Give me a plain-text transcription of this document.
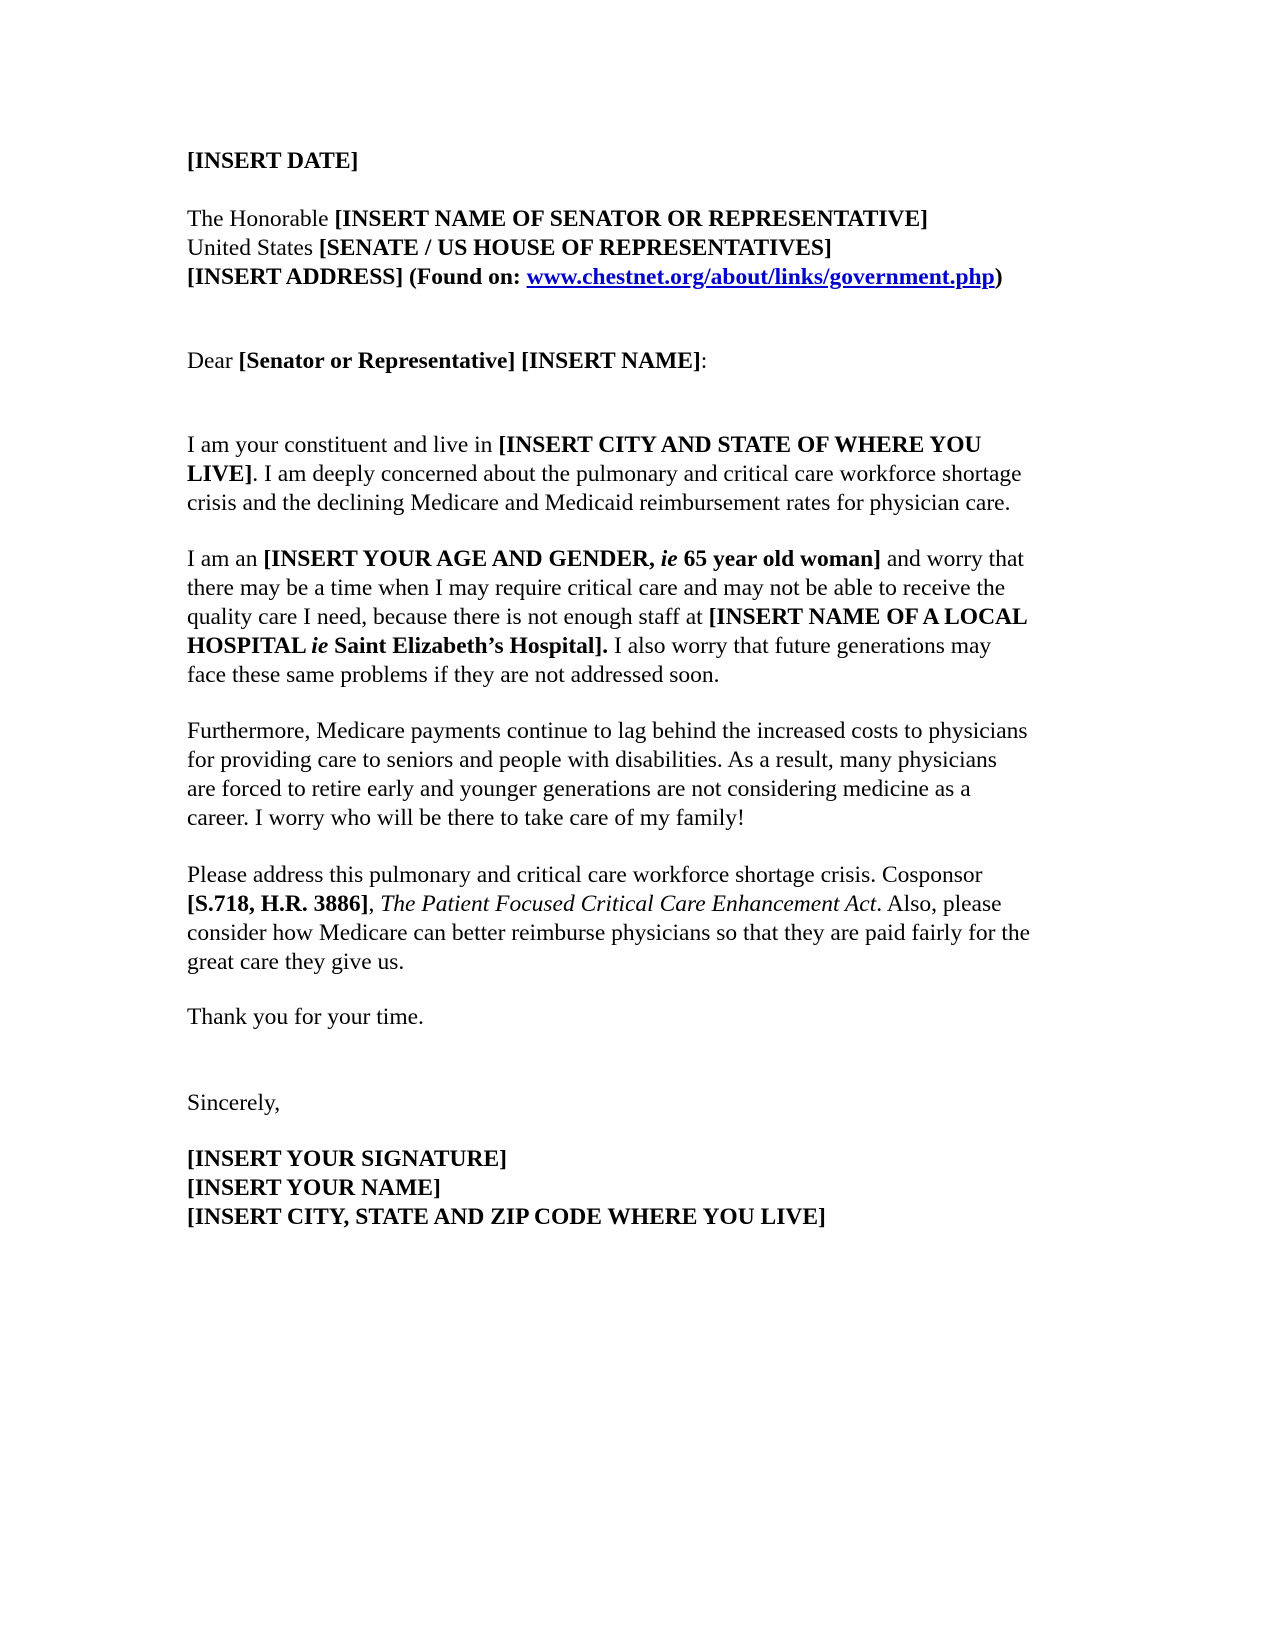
[INSERT DATE]
The Honorable [INSERT NAME OF SENATOR OR REPRESENTATIVE]
United States [SENATE / US HOUSE OF REPRESENTATIVES]
[INSERT ADDRESS] (Found on: www.chestnet.org/about/links/government.php)
Dear [Senator or Representative] [INSERT NAME]:
I am your constituent and live in [INSERT CITY AND STATE OF WHERE YOU
LIVE]. I am deeply concerned about the pulmonary and critical care workforce shortage
crisis and the declining Medicare and Medicaid reimbursement rates for physician care.
I am an [INSERT YOUR AGE AND GENDER, ie 65 year old woman] and worry that
there may be a time when I may require critical care and may not be able to receive the
quality care I need, because there is not enough staff at [INSERT NAME OF A LOCAL
HOSPITAL ie Saint Elizabeth’s Hospital]. I also worry that future generations may
face these same problems if they are not addressed soon.
Furthermore, Medicare payments continue to lag behind the increased costs to physicians
for providing care to seniors and people with disabilities. As a result, many physicians
are forced to retire early and younger generations are not considering medicine as a
career. I worry who will be there to take care of my family!
Please address this pulmonary and critical care workforce shortage crisis. Cosponsor
[S.718, H.R. 3886], The Patient Focused Critical Care Enhancement Act. Also, please
consider how Medicare can better reimburse physicians so that they are paid fairly for the
great care they give us.
Thank you for your time.
Sincerely,
[INSERT YOUR SIGNATURE]
[INSERT YOUR NAME]
[INSERT CITY, STATE AND ZIP CODE WHERE YOU LIVE]
